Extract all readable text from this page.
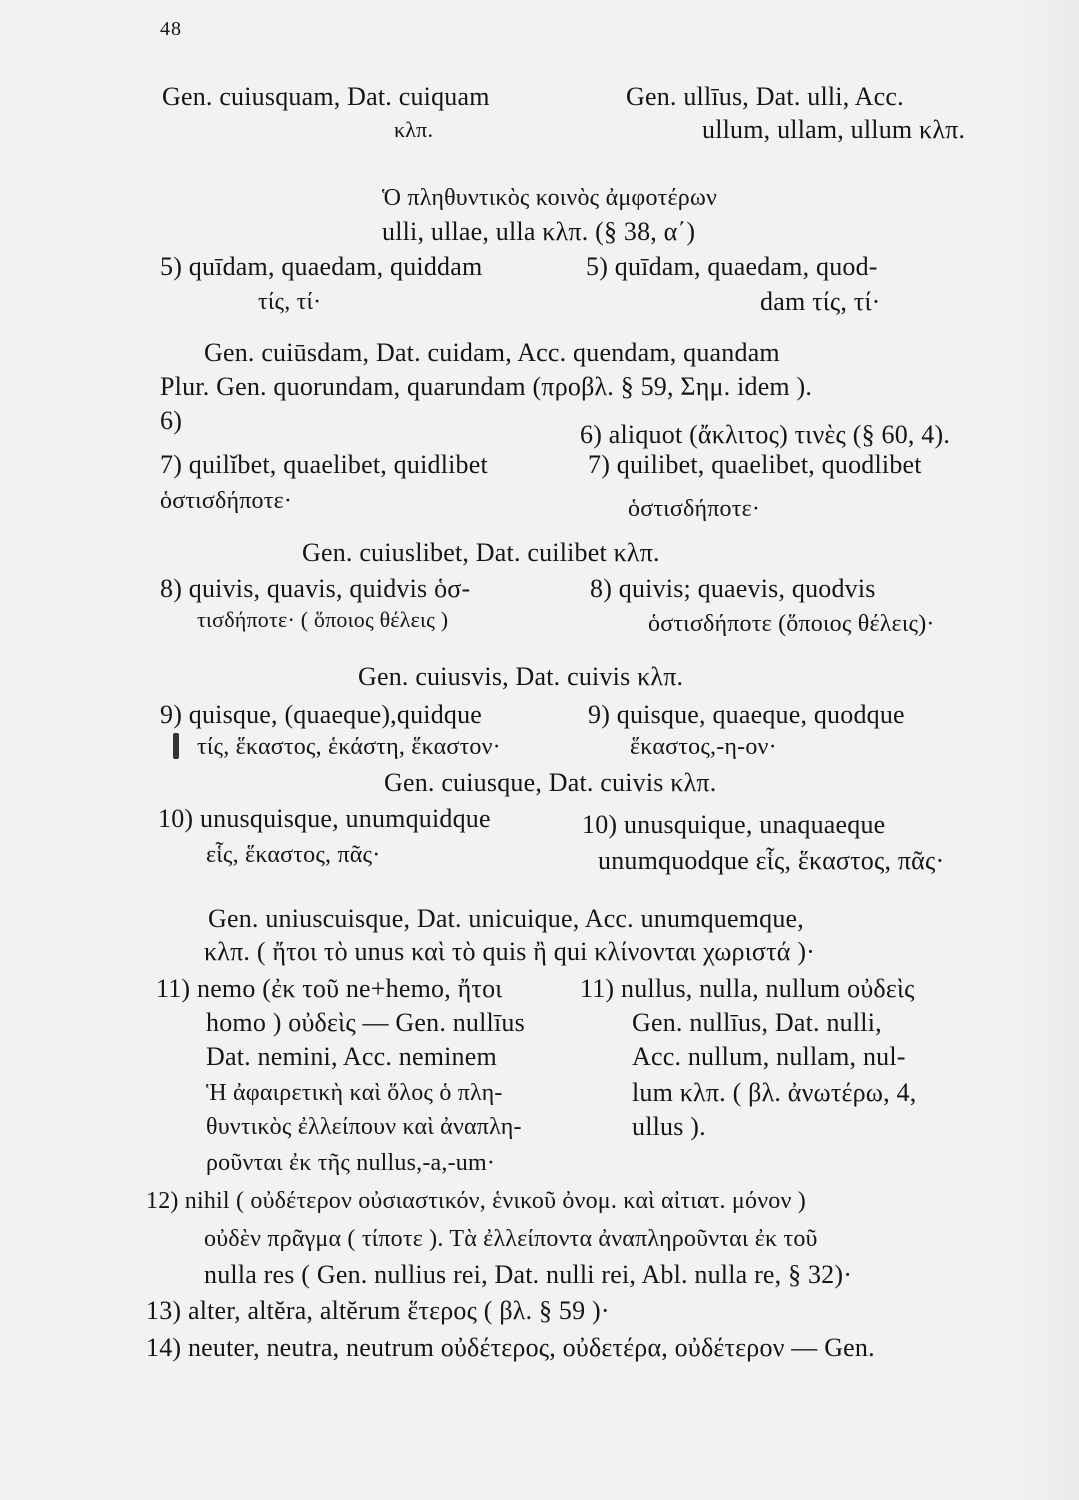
48
Gen. cuiusquam, Dat. cuiquam
κλπ.
Gen. ullīus, Dat. ulli, Acc.
ullum, ullam, ullum κλπ.
Ὁ πληθυντικὸς κοινὸς ἀμφοτέρων
ulli, ullae, ulla κλπ. (§ 38, α΄)
5) quīdam, quaedam, quiddam
τίς, τί·
5) quīdam, quaedam, quod-
dam τίς, τί·
Gen. cuiūsdam, Dat. cuidam, Acc. quendam, quandam
Plur. Gen. quorundam, quarundam (προβλ. § 59, Σημ. idem ).
6)	6) aliquot (ἄκλιτος) τινὲς (§ 60, 4).
7) quilĭbet, quaelibet, quidlibet
ὁστισδήποτε·
7) quilibet, quaelibet, quodlibet
ὁστισδήποτε·
Gen. cuiuslibet, Dat. cuilibet κλπ.
8) quivis, quavis, quidvis ὁσ-
τισδήποτε· ( ὅποιος θέλεις )
8) quivis; quaevis, quodvis
ὁστισδήποτε (ὅποιος θέλεις)·
Gen. cuiusvis, Dat. cuivis κλπ.
9) quisque, (quaeque),quidque
τίς, ἕκαστος, ἑκάστη, ἕκαστον·
9) quisque, quaeque, quodque
ἕκαστος,-η-ον·
Gen. cuiusque, Dat. cuivis κλπ.
10) unusquisque, unumquidque
εἷς, ἕκαστος, πᾶς·
10) unusquique, unaquaeque
unumquodque εἷς, ἕκαστος, πᾶς·
Gen. uniuscuisque, Dat. unicuique, Acc. unumquemque,
κλπ. ( ἤτοι τὸ unus καὶ τὸ quis ἢ qui κλίνονται χωριστά )·
11) nemo (ἐκ τοῦ ne+hemo, ἤτοι
homo ) οὐδεὶς — Gen. nullīus
Dat. nemini, Acc. neminem
Ἡ ἀφαιρετικὴ καὶ ὅλος ὁ πλη-
θυντικὸς ἐλλείπουν καὶ ἀναπλη-
ροῦνται ἐκ τῆς nullus,-a,-um·
11) nullus, nulla, nullum οὐδεὶς
Gen. nullīus, Dat. nulli,
Acc. nullum, nullam, nul-
lum κλπ. ( βλ. ἀνωτέρω, 4,
ullus ).
12) nihil ( οὐδέτερον οὐσιαστικόν, ἑνικοῦ ὀνομ. καὶ αἰτιατ. μόνον )
οὐδὲν πρᾶγμα ( τίποτε ). Τὰ ἐλλείποντα ἀναπληροῦνται ἐκ τοῦ
nulla res ( Gen. nullius rei, Dat. nulli rei, Abl. nulla re, § 32)·
13) alter, altĕra, altĕrum ἕτερος ( βλ. § 59 )·
14) neuter, neutra, neutrum οὐδέτερος, οὐδετέρα, οὐδέτερον — Gen.
